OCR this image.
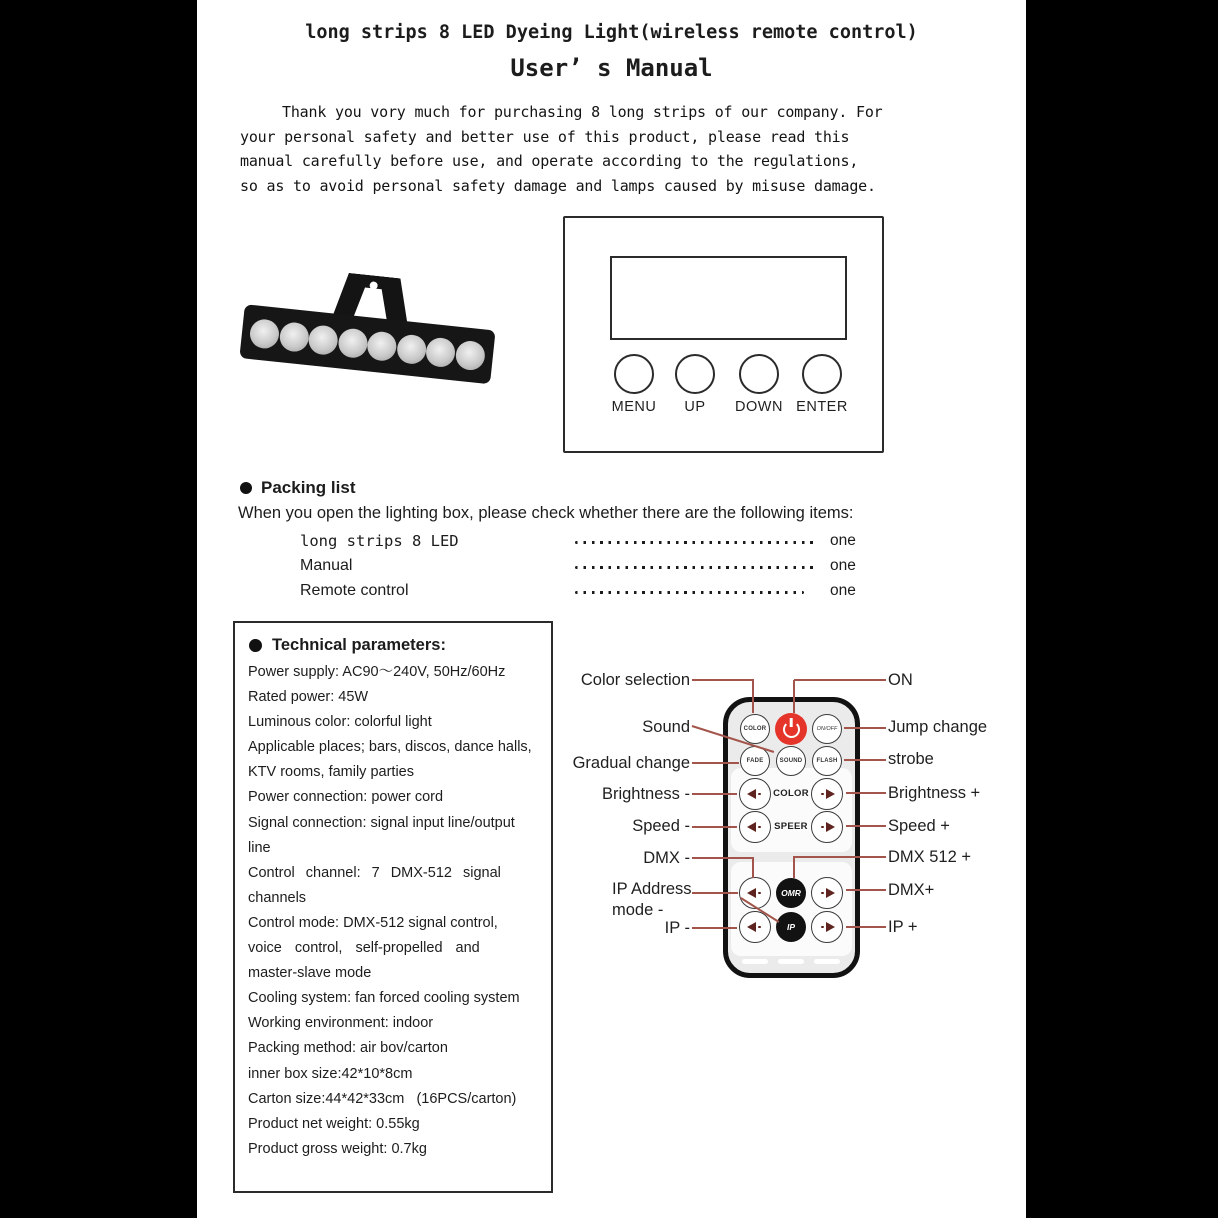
long strips 8 LED Dyeing Light(wireless remote control)
User’ s Manual
Thank you vory much for purchasing 8 long strips of our company. For
your personal safety and better use of this product, please read this
manual carefully before use, and operate according to the regulations,
so as to avoid personal safety damage and lamps caused by misuse damage.
MENU	UP	DOWN ENTER
Packing list
When you open the lighting box, please check whether there are the following items:
long strips 8 LED	one
Manual	one
Remote control	one
Technical parameters:
Power supply: AC90～240V, 50Hz/60Hz
Rated power: 45W
Luminous color: colorful light
Applicable places; bars, discos, dance halls,
KTV rooms, family parties
Power connection: power cord
Signal connection: signal input line/output
line
Control channel: 7 DMX-512 signal
channels
Control mode: DMX-512 signal control,
voice control, self-propelled and
master-slave mode
Cooling system: fan forced cooling system
Working environment: indoor
Packing method: air bov/carton
inner box size:42*10*8cm
Carton size:44*42*33cm   (16PCS/carton)
Product net weight: 0.55kg
Product gross weight: 0.7kg
COLOR	ON/OFF
FADE	SOUND FLASH
COLOR
SPEER
OMR
IP
Color selection
Sound
Gradual change
Brightness -
Speed -
DMX -
IP Address mode -
IP -
ON
Jump change
strobe
Brightness +
Speed +
DMX 512 +
DMX+
IP +
